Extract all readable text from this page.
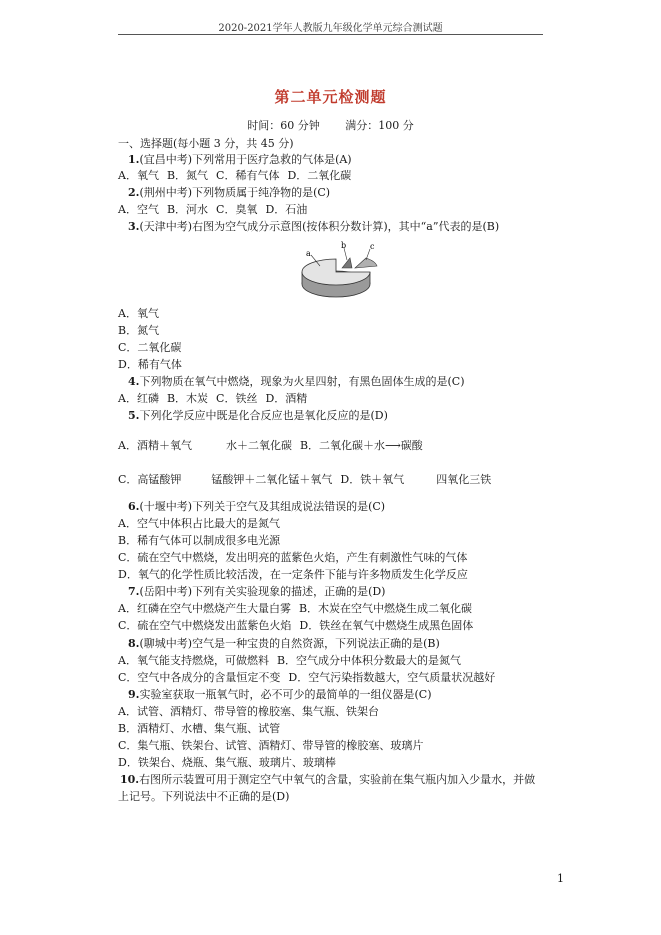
2020-2021学年人教版九年级化学单元综合测试题
第二单元检测题
时间：60 分钟 满分：100 分
一、选择题(每小题 3 分，共 45 分)
1.(宜昌中考)下列常用于医疗急救的气体是(A)
A．氧气 B．氮气 C．稀有气体 D．二氧化碳
2.(荆州中考)下列物质属于纯净物的是(C)
A．空气 B．河水 C．臭氧 D．石油
3.(天津中考)右图为空气成分示意图(按体积分数计算)，其中“a”代表的是(B)
a
b	c
A．氧气
B．氮气
C．二氧化碳
D．稀有气体
4.下列物质在氧气中燃烧，现象为火星四射，有黑色固体生成的是(C)
A．红磷 B．木炭 C．铁丝 D．酒精
5.下列化学反应中既是化合反应也是氧化反应的是(D)
A．酒精＋氧气	水＋二氧化碳 B．二氧化碳＋水⟶碳酸
C．高锰酸钾	锰酸钾＋二氧化锰＋氧气 D．铁＋氧气	四氧化三铁
6.(十堰中考)下列关于空气及其组成说法错误的是(C)
A．空气中体积占比最大的是氮气
B．稀有气体可以制成很多电光源
C．硫在空气中燃烧，发出明亮的蓝紫色火焰，产生有刺激性气味的气体
D．氧气的化学性质比较活泼，在一定条件下能与许多物质发生化学反应
7.(岳阳中考)下列有关实验现象的描述，正确的是(D)
A．红磷在空气中燃烧产生大量白雾 B．木炭在空气中燃烧生成二氧化碳
C．硫在空气中燃烧发出蓝紫色火焰 D．铁丝在氧气中燃烧生成黑色固体
8.(聊城中考)空气是一种宝贵的自然资源，下列说法正确的是(B)
A．氧气能支持燃烧，可做燃料 B．空气成分中体积分数最大的是氮气
C．空气中各成分的含量恒定不变 D．空气污染指数越大，空气质量状况越好
9.实验室获取一瓶氧气时，必不可少的最简单的一组仪器是(C)
A．试管、酒精灯、带导管的橡胶塞、集气瓶、铁架台
B．酒精灯、水槽、集气瓶、试管
C．集气瓶、铁架台、试管、酒精灯、带导管的橡胶塞、玻璃片
D．铁架台、烧瓶、集气瓶、玻璃片、玻璃棒
10.右图所示装置可用于测定空气中氧气的含量，实验前在集气瓶内加入少量水，并做
上记号。下列说法中不正确的是(D)
1
